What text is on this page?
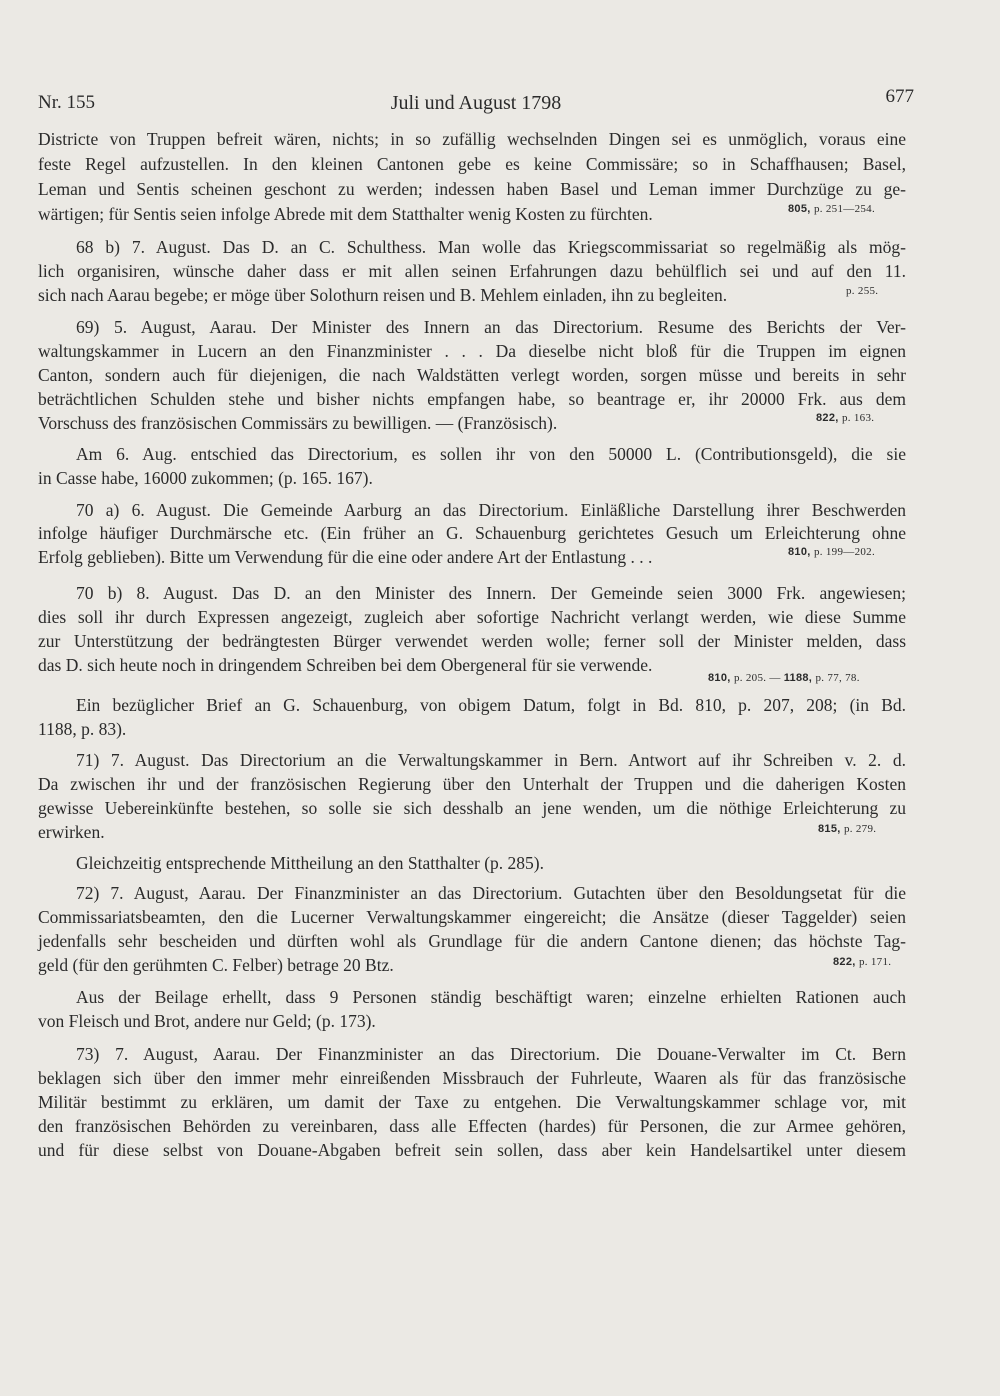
Nr. 155	Juli und August 1798	677
Districte von Truppen befreit wären, nichts; in so zufällig wechselnden Dingen sei es unmöglich, voraus eine
feste Regel aufzustellen. In den kleinen Cantonen gebe es keine Commissäre; so in Schaffhausen; Basel,
Leman und Sentis scheinen geschont zu werden; indessen haben Basel und Leman immer Durchzüge zu ge-
wärtigen; für Sentis seien infolge Abrede mit dem Statthalter wenig Kosten zu fürchten.
68 b) 7. August. Das D. an C. Schulthess. Man wolle das Kriegscommissariat so regelmäßig als mög-
lich organisiren, wünsche daher dass er mit allen seinen Erfahrungen dazu behülflich sei und auf den 11.
sich nach Aarau begebe; er möge über Solothurn reisen und B. Mehlem einladen, ihn zu begleiten.
69) 5. August, Aarau. Der Minister des Innern an das Directorium. Resume des Berichts der Ver-
waltungskammer in Lucern an den Finanzminister . . . Da dieselbe nicht bloß für die Truppen im eignen
Canton, sondern auch für diejenigen, die nach Waldstätten verlegt worden, sorgen müsse und bereits in sehr
beträchtlichen Schulden stehe und bisher nichts empfangen habe, so beantrage er, ihr 20000 Frk. aus dem
Vorschuss des französischen Commissärs zu bewilligen. — (Französisch).
Am 6. Aug. entschied das Directorium, es sollen ihr von den 50000 L. (Contributionsgeld), die sie
in Casse habe, 16000 zukommen; (p. 165. 167).
70 a) 6. August. Die Gemeinde Aarburg an das Directorium. Einläßliche Darstellung ihrer Beschwerden
infolge häufiger Durchmärsche etc. (Ein früher an G. Schauenburg gerichtetes Gesuch um Erleichterung ohne
Erfolg geblieben). Bitte um Verwendung für die eine oder andere Art der Entlastung . . .
70 b) 8. August. Das D. an den Minister des Innern. Der Gemeinde seien 3000 Frk. angewiesen;
dies soll ihr durch Expressen angezeigt, zugleich aber sofortige Nachricht verlangt werden, wie diese Summe
zur Unterstützung der bedrängtesten Bürger verwendet werden wolle; ferner soll der Minister melden, dass
das D. sich heute noch in dringendem Schreiben bei dem Obergeneral für sie verwende.
Ein bezüglicher Brief an G. Schauenburg, von obigem Datum, folgt in Bd. 810, p. 207, 208; (in Bd.
1188, p. 83).
71) 7. August. Das Directorium an die Verwaltungskammer in Bern. Antwort auf ihr Schreiben v. 2. d.
Da zwischen ihr und der französischen Regierung über den Unterhalt der Truppen und die daherigen Kosten
gewisse Uebereinkünfte bestehen, so solle sie sich desshalb an jene wenden, um die nöthige Erleichterung zu
erwirken.
Gleichzeitig entsprechende Mittheilung an den Statthalter (p. 285).
72) 7. August, Aarau. Der Finanzminister an das Directorium. Gutachten über den Besoldungsetat für die
Commissariatsbeamten, den die Lucerner Verwaltungskammer eingereicht; die Ansätze (dieser Taggelder) seien
jedenfalls sehr bescheiden und dürften wohl als Grundlage für die andern Cantone dienen; das höchste Tag-
geld (für den gerühmten C. Felber) betrage 20 Btz.
Aus der Beilage erhellt, dass 9 Personen ständig beschäftigt waren; einzelne erhielten Rationen auch
von Fleisch und Brot, andere nur Geld; (p. 173).
73) 7. August, Aarau. Der Finanzminister an das Directorium. Die Douane-Verwalter im Ct. Bern
beklagen sich über den immer mehr einreißenden Missbrauch der Fuhrleute, Waaren als für das französische
Militär bestimmt zu erklären, um damit der Taxe zu entgehen. Die Verwaltungskammer schlage vor, mit
den französischen Behörden zu vereinbaren, dass alle Effecten (hardes) für Personen, die zur Armee gehören,
und für diese selbst von Douane-Abgaben befreit sein sollen, dass aber kein Handelsartikel unter diesem
805, p. 251—254.
p. 255.
822, p. 163.
810, p. 199—202.
810, p. 205. — 1188, p. 77, 78.
815, p. 279.
822, p. 171.
